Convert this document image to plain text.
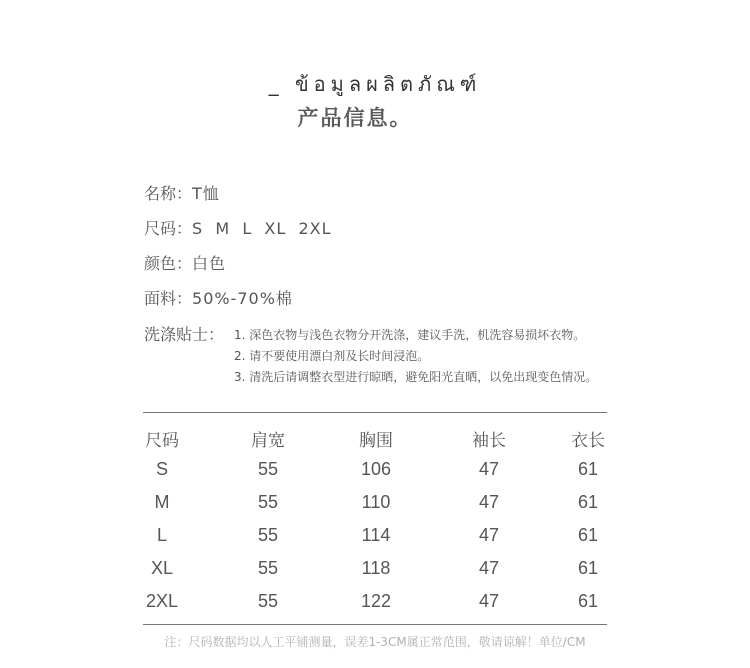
_ ข้อมูลผลิตภัณฑ์
产品信息。
名称：T恤
尺码：S  M  L  XL  2XL
颜色：白色
面料：50%-70%棉
洗涤贴士： 1. 深色衣物与浅色衣物分开洗涤，建议手洗，机洗容易损坏衣物。
2. 请不要使用漂白剂及长时间浸泡。
3. 清洗后请调整衣型进行晾晒，避免阳光直晒，以免出现变色情况。
尺码	肩宽	胸围	袖长	衣长
S	55	106	47	61
M	55	110	47	61
L	55	114	47	61
XL	55	118	47	61
2XL	55	122	47	61
注：尺码数据均以人工平铺测量，误差1-3CM属正常范围，敬请谅解！单位/CM
